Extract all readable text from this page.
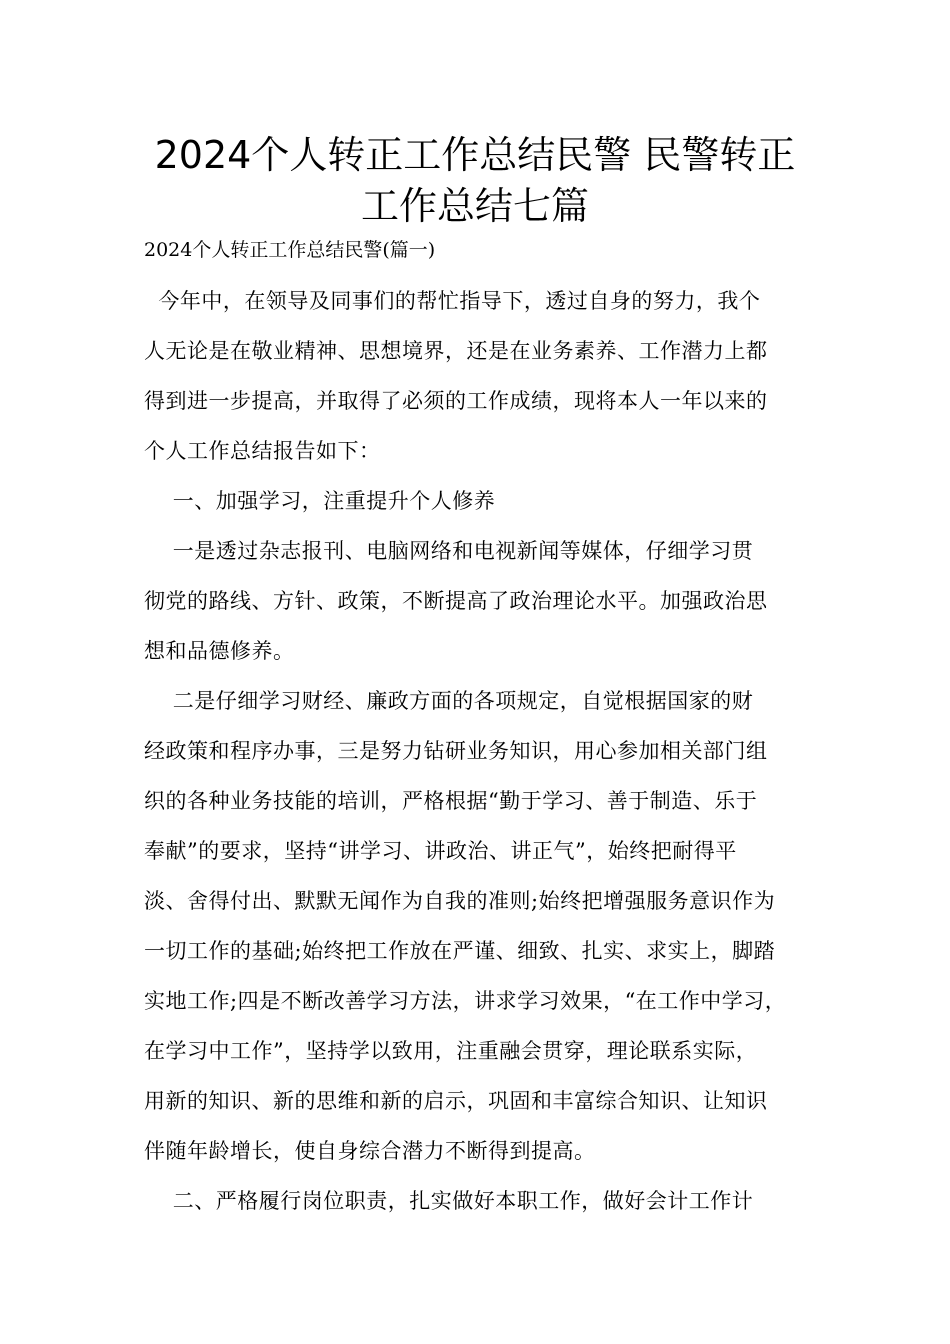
2024个人转正工作总结民警 民警转正
工作总结七篇
2024个人转正工作总结民警(篇一)
今年中，在领导及同事们的帮忙指导下，透过自身的努力，我个
人无论是在敬业精神、思想境界，还是在业务素养、工作潜力上都
得到进一步提高，并取得了必须的工作成绩，现将本人一年以来的
个人工作总结报告如下：
一、加强学习，注重提升个人修养
一是透过杂志报刊、电脑网络和电视新闻等媒体，仔细学习贯
彻党的路线、方针、政策，不断提高了政治理论水平。加强政治思
想和品德修养。
二是仔细学习财经、廉政方面的各项规定，自觉根据国家的财
经政策和程序办事，三是努力钻研业务知识，用心参加相关部门组
织的各种业务技能的培训，严格根据“勤于学习、善于制造、乐于
奉献”的要求，坚持“讲学习、讲政治、讲正气”，始终把耐得平
淡、舍得付出、默默无闻作为自我的准则;始终把增强服务意识作为
一切工作的基础;始终把工作放在严谨、细致、扎实、求实上，脚踏
实地工作;四是不断改善学习方法，讲求学习效果，“在工作中学习，
在学习中工作”，坚持学以致用，注重融会贯穿，理论联系实际，
用新的知识、新的思维和新的启示，巩固和丰富综合知识、让知识
伴随年龄增长，使自身综合潜力不断得到提高。
二、严格履行岗位职责，扎实做好本职工作，做好会计工作计
